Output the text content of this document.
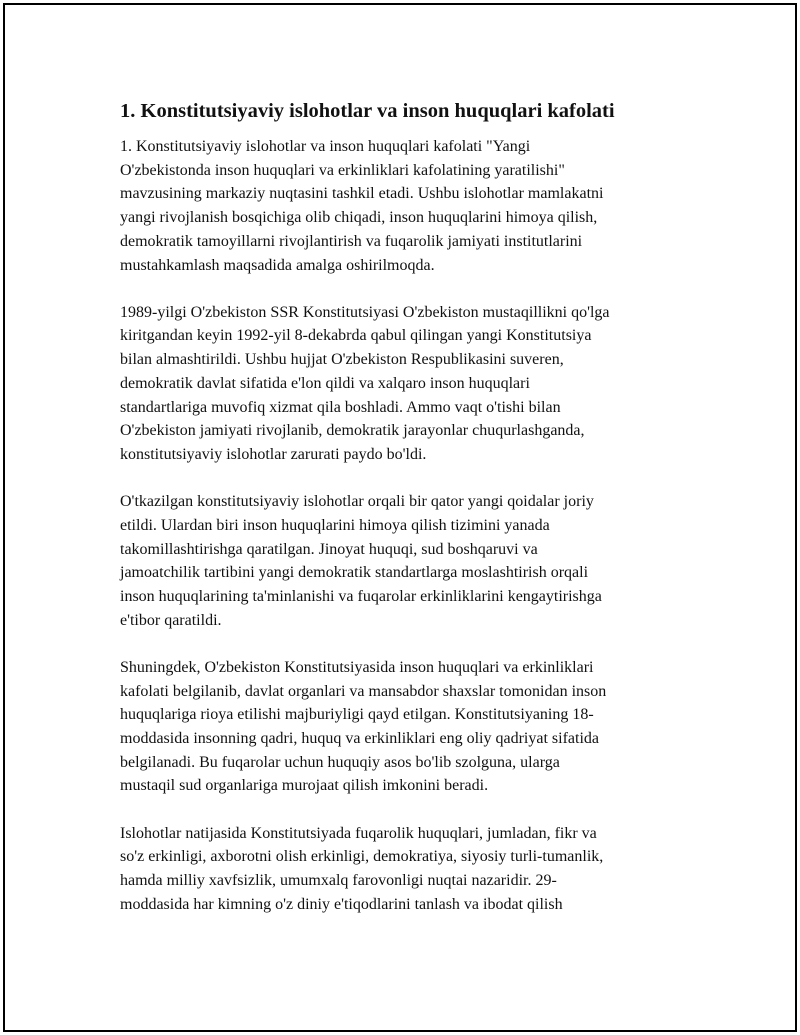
1. Konstitutsiyaviy islohotlar va inson huquqlari kafolati
1. Konstitutsiyaviy islohotlar va inson huquqlari kafolati "Yangi
O'zbekistonda inson huquqlari va erkinliklari kafolatining yaratilishi"
mavzusining markaziy nuqtasini tashkil etadi. Ushbu islohotlar mamlakatni
yangi rivojlanish bosqichiga olib chiqadi, inson huquqlarini himoya qilish,
demokratik tamoyillarni rivojlantirish va fuqarolik jamiyati institutlarini
mustahkamlash maqsadida amalga oshirilmoqda.
1989-yilgi O'zbekiston SSR Konstitutsiyasi O'zbekiston mustaqillikni qo'lga
kiritgandan keyin 1992-yil 8-dekabrda qabul qilingan yangi Konstitutsiya
bilan almashtirildi. Ushbu hujjat O'zbekiston Respublikasini suveren,
demokratik davlat sifatida e'lon qildi va xalqaro inson huquqlari
standartlariga muvofiq xizmat qila boshladi. Ammo vaqt o'tishi bilan
O'zbekiston jamiyati rivojlanib, demokratik jarayonlar chuqurlashganda,
konstitutsiyaviy islohotlar zarurati paydo bo'ldi.
O'tkazilgan konstitutsiyaviy islohotlar orqali bir qator yangi qoidalar joriy
etildi. Ulardan biri inson huquqlarini himoya qilish tizimini yanada
takomillashtirishga qaratilgan. Jinoyat huquqi, sud boshqaruvi va
jamoatchilik tartibini yangi demokratik standartlarga moslashtirish orqali
inson huquqlarining ta'minlanishi va fuqarolar erkinliklarini kengaytirishga
e'tibor qaratildi.
Shuningdek, O'zbekiston Konstitutsiyasida inson huquqlari va erkinliklari
kafolati belgilanib, davlat organlari va mansabdor shaxslar tomonidan inson
huquqlariga rioya etilishi majburiyligi qayd etilgan. Konstitutsiyaning 18-
moddasida insonning qadri, huquq va erkinliklari eng oliy qadriyat sifatida
belgilanadi. Bu fuqarolar uchun huquqiy asos bo'lib szolguna, ularga
mustaqil sud organlariga murojaat qilish imkonini beradi.
Islohotlar natijasida Konstitutsiyada fuqarolik huquqlari, jumladan, fikr va
so'z erkinligi, axborotni olish erkinligi, demokratiya, siyosiy turli-tumanlik,
hamda milliy xavfsizlik, umumxalq farovonligi nuqtai nazaridir. 29-
moddasida har kimning o'z diniy e'tiqodlarini tanlash va ibodat qilish
